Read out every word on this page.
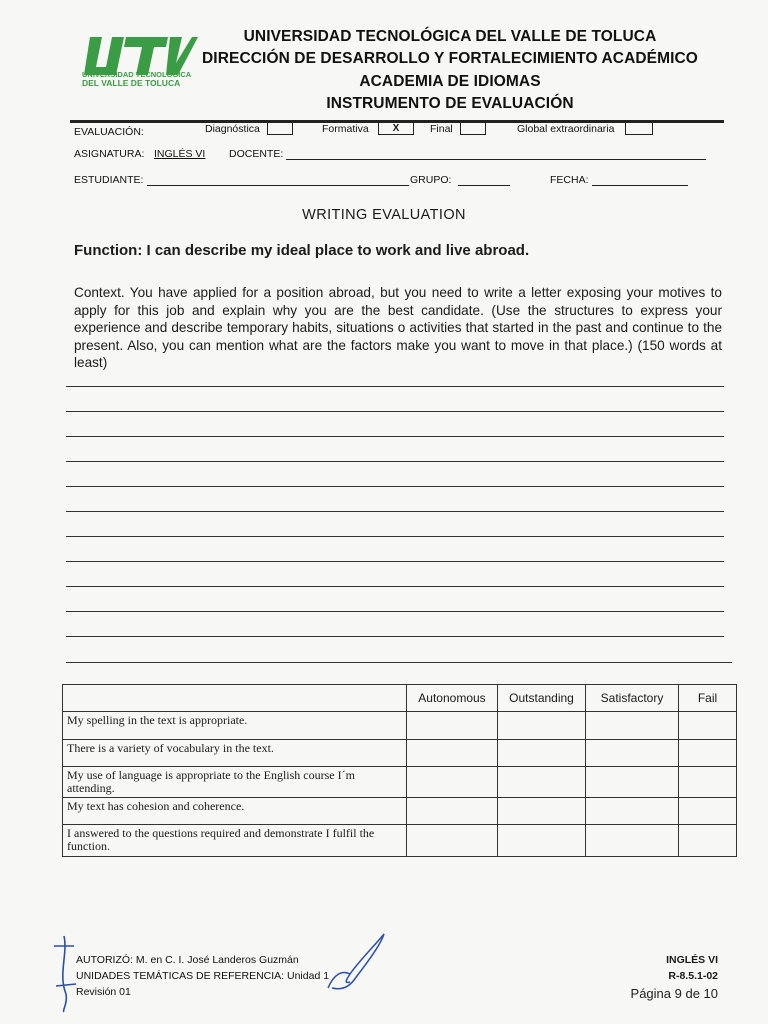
UTVT
UNIVERSIDAD TECNOLÓGICA
DEL VALLE DE TOLUCA
UNIVERSIDAD TECNOLÓGICA DEL VALLE DE TOLUCA
DIRECCIÓN DE DESARROLLO Y FORTALECIMIENTO ACADÉMICO
ACADEMIA DE IDIOMAS
INSTRUMENTO DE EVALUACIÓN
EVALUACIÓN:	Diagnóstica	Formativa	X	Final	Global extraordinaria
ASIGNATURA: INGLÉS VI DOCENTE:
ESTUDIANTE:	GRUPO:	FECHA:
WRITING EVALUATION
Function: I can describe my ideal place to work and live abroad.
Context. You have applied for a position abroad, but you need to write a letter exposing your motives to apply for this job and explain why you are the best candidate. (Use the structures to express your experience and describe temporary habits, situations o activities that started in the past and continue to the present. Also, you can mention what are the factors make you want to move in that place.) (150 words at least)
	Autonomous	Outstanding	Satisfactory	Fail
My spelling in the text is appropriate.				
There is a variety of vocabulary in the text.				
My use of language is appropriate to the English course I´m attending.				
My text has cohesion and coherence.				
I answered to the questions required and demonstrate I fulfil the function.				
AUTORIZÓ: M. en C. I. José Landeros Guzmán
UNIDADES TEMÁTICAS DE REFERENCIA: Unidad 1
Revisión 01
INGLÉS VI
R-8.5.1-02
Página 9 de 10
